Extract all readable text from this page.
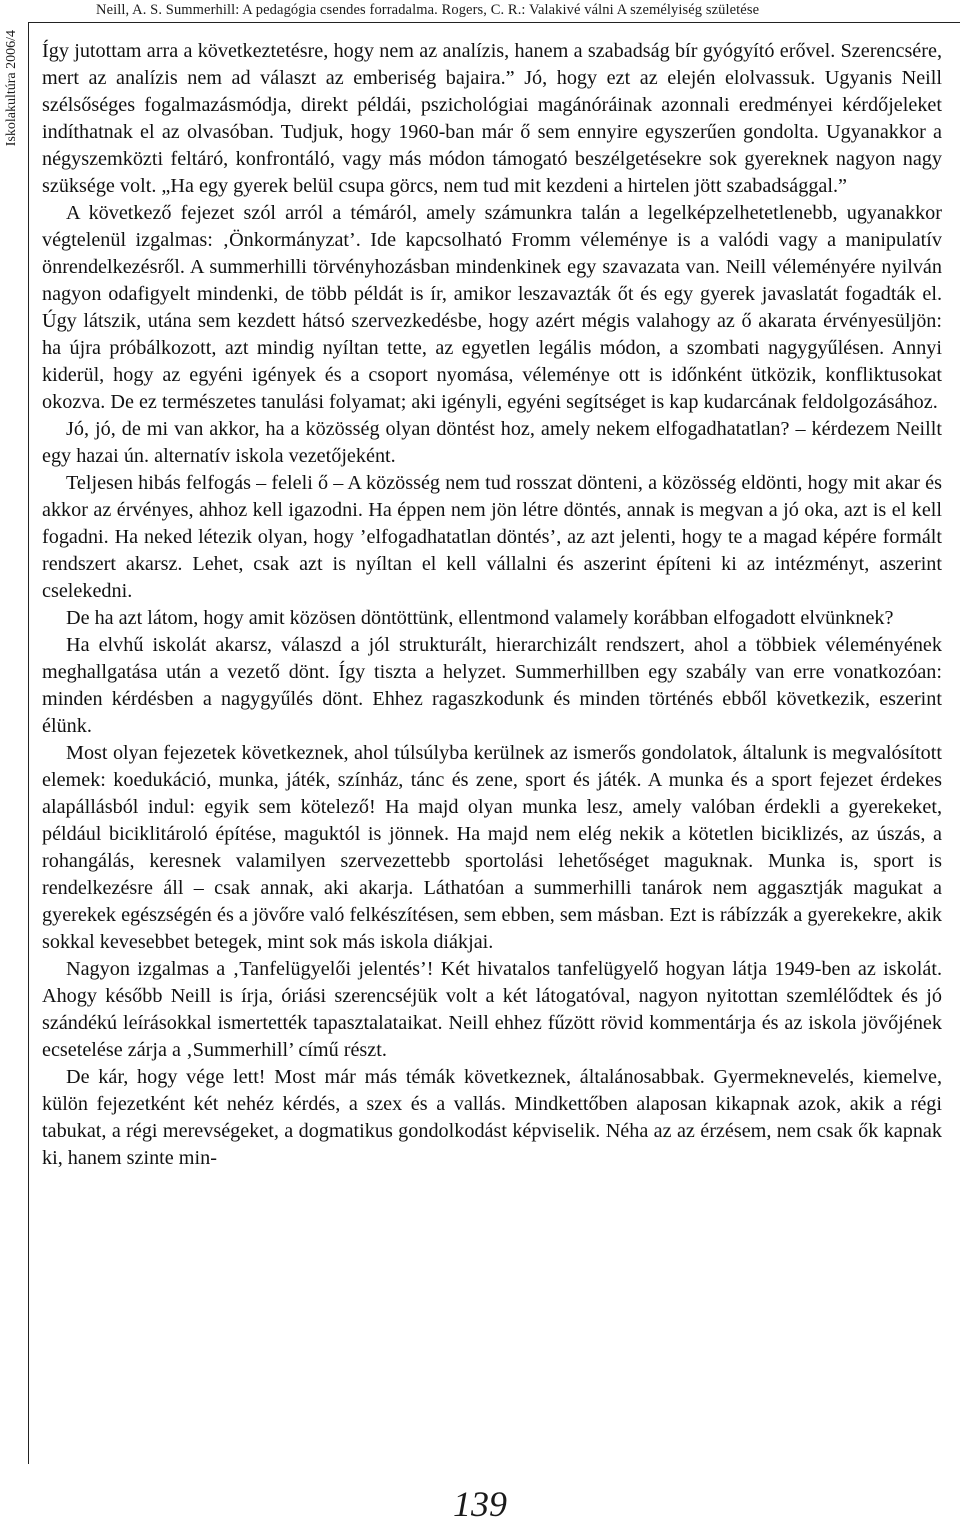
Neill, A. S. Summerhill: A pedagógia csendes forradalma. Rogers, C. R.: Valakivé válni A személyiség születése
Iskolakultúra 2006/4 Így jutottam arra a következtetésre, hogy nem az analízis, hanem a szabadság bír gyógyító erővel. Szerencsére, mert az analízis nem ad választ az emberiség bajaira.” Jó, hogy ezt az elején elolvassuk. Ugyanis Neill szélsőséges fogalmazásmódja, direkt példái, pszichológiai magánóráinak azonnali eredményei kérdőjeleket indíthatnak el az olvasóban. Tudjuk, hogy 1960-ban már ő sem ennyire egyszerűen gondolta. Ugyanakkor a négyszemközti feltáró, konfrontáló, vagy más módon támogató beszélgetésekre sok gyereknek nagyon nagy szüksége volt. „Ha egy gyerek belül csupa görcs, nem tud mit kezdeni a hirtelen jött szabadsággal.”

A következő fejezet szól arról a témáról, amely számunkra talán a legelképzelhetetlenebb, ugyanakkor végtelenül izgalmas: ‚Önkormányzat’. Ide kapcsolható Fromm véleménye is a valódi vagy a manipulatív önrendelkezésről. A summerhilli törvényhozásban mindenkinek egy szavazata van. Neill véleményére nyilván nagyon odafigyelt mindenki, de több példát is ír, amikor leszavazták őt és egy gyerek javaslatát fogadták el. Úgy látszik, utána sem kezdett hátsó szervezkedésbe, hogy azért mégis valahogy az ő akarata érvényesüljön: ha újra próbálkozott, azt mindig nyíltan tette, az egyetlen legális módon, a szombati nagygyűlésen. Annyi kiderül, hogy az egyéni igények és a csoport nyomása, véleménye ott is időnként ütközik, konfliktusokat okozva. De ez természetes tanulási folyamat; aki igényli, egyéni segítséget is kap kudarcának feldolgozásához.

Jó, jó, de mi van akkor, ha a közösség olyan döntést hoz, amely nekem elfogadhatatlan? – kérdezem Neillt egy hazai ún. alternatív iskola vezetőjeként.

Teljesen hibás felfogás – feleli ő – A közösség nem tud rosszat dönteni, a közösség eldönti, hogy mit akar és akkor az érvényes, ahhoz kell igazodni. Ha éppen nem jön létre döntés, annak is megvan a jó oka, azt is el kell fogadni. Ha neked létezik olyan, hogy ’elfogadhatatlan döntés’, az azt jelenti, hogy te a magad képére formált rendszert akarsz. Lehet, csak azt is nyíltan el kell vállalni és aszerint építeni ki az intézményt, aszerint cselekedni.

De ha azt látom, hogy amit közösen döntöttünk, ellentmond valamely korábban elfogadott elvünknek?

Ha elvhű iskolát akarsz, válaszd a jól strukturált, hierarchizált rendszert, ahol a többiek véleményének meghallgatása után a vezető dönt. Így tiszta a helyzet. Summerhillben egy szabály van erre vonatkozóan: minden kérdésben a nagygyűlés dönt. Ehhez ragaszkodunk és minden történés ebből következik, eszerint élünk.

Most olyan fejezetek következnek, ahol túlsúlyba kerülnek az ismerős gondolatok, általunk is megvalósított elemek: koedukáció, munka, játék, színház, tánc és zene, sport és játék. A munka és a sport fejezet érdekes alapállásból indul: egyik sem kötelező! Ha majd olyan munka lesz, amely valóban érdekli a gyerekeket, például biciklitároló építése, maguktól is jönnek. Ha majd nem elég nekik a kötetlen biciklizés, az úszás, a rohangálás, keresnek valamilyen szervezettebb sportolási lehetőséget maguknak. Munka is, sport is rendelkezésre áll – csak annak, aki akarja. Láthatóan a summerhilli tanárok nem aggasztják magukat a gyerekek egészségén és a jövőre való felkészítésen, sem ebben, sem másban. Ezt is rábízzák a gyerekekre, akik sokkal kevesebbet betegek, mint sok más iskola diákjai.

Nagyon izgalmas a ‚Tanfelügyelői jelentés’! Két hivatalos tanfelügyelő hogyan látja 1949-ben az iskolát. Ahogy később Neill is írja, óriási szerencséjük volt a két látogatóval, nagyon nyitottan szemlélődtek és jó szándékú leírásokkal ismertették tapasztalataikat. Neill ehhez fűzött rövid kommentárja és az iskola jövőjének ecsetelése zárja a ‚Summerhill’ című részt.

De kár, hogy vége lett! Most már más témák következnek, általánosabbak. Gyermeknevelés, kiemelve, külön fejezetként két nehéz kérdés, a szex és a vallás. Mindkettőben alaposan kikapnak azok, akik a régi tabukat, a régi merevségeket, a dogmatikus gondolkodást képviselik. Néha az az érzésem, nem csak ők kapnak ki, hanem szinte min-

139
